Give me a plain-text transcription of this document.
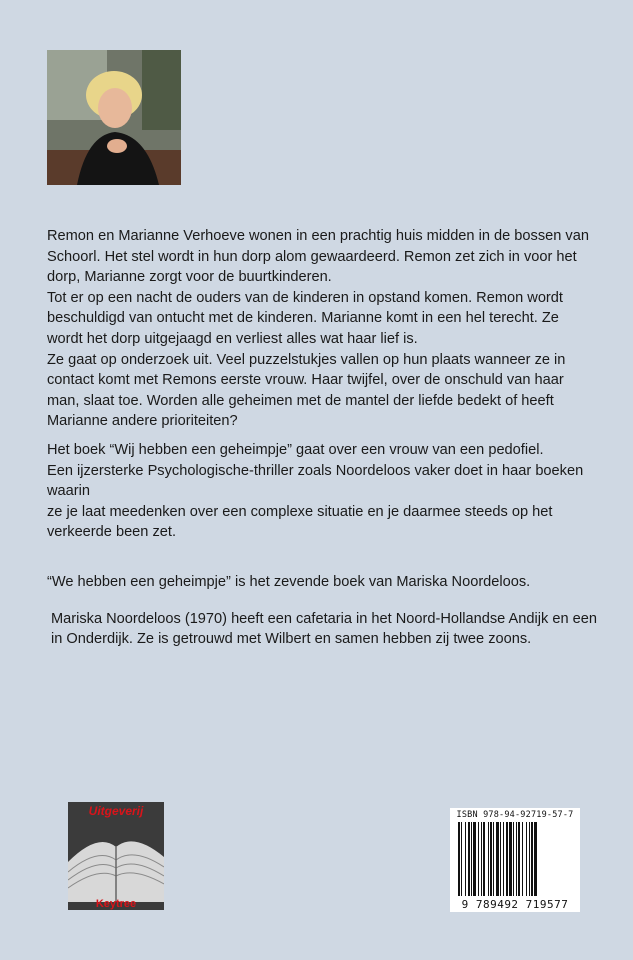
Remon en Marianne Verhoeve wonen in een prachtig huis midden in de bossen van

Schoorl. Het stel wordt in hun dorp alom gewaardeerd. Remon zet zich in voor het

dorp, Marianne zorgt voor de buurtkinderen.

Tot er op een nacht de ouders van de kinderen in opstand komen. Remon wordt

beschuldigd van ontucht met de kinderen. Marianne komt in een hel terecht. Ze

wordt het dorp uitgejaagd en verliest alles wat haar lief is.

Ze gaat op onderzoek uit. Veel puzzelstukjes vallen op hun plaats wanneer ze in

contact komt met Remons eerste vrouw. Haar twijfel, over de onschuld van haar

man, slaat toe. Worden alle geheimen met de mantel der liefde bedekt of heeft

Marianne andere prioriteiten?

Het boek “Wij hebben een geheimpje” gaat over een vrouw van een pedofiel.

Een ijzersterke Psychologische-thriller zoals Noordeloos vaker doet in haar boeken waarin

ze je laat meedenken over een complexe situatie en je daarmee steeds op het

verkeerde been zet.

“We hebben een geheimpje” is het zevende boek van Mariska Noordeloos.

Mariska Noordeloos (1970) heeft een cafetaria in het Noord-Hollandse Andijk en een

in Onderdijk. Ze is getrouwd met Wilbert en samen hebben zij twee zoons.

Uitgeverij
Keytree
ISBN 978-94-92719-57-7
9 789492 719577
